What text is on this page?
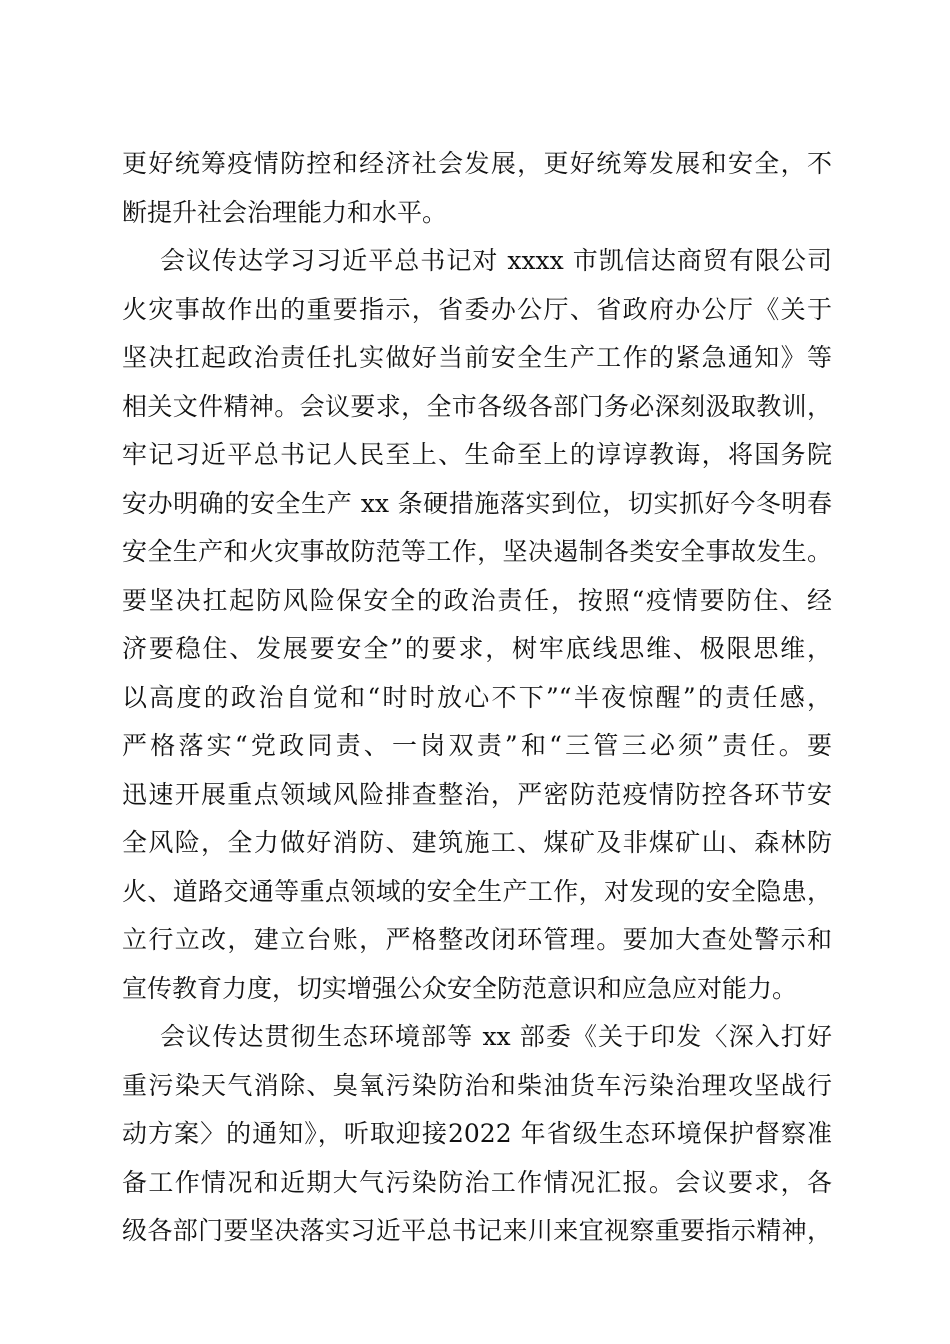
更好统筹疫情防控和经济社会发展，更好统筹发展和安全，不
断提升社会治理能力和水平。
会议传达学习习近平总书记对 xxxx 市凯信达商贸有限公司
火灾事故作出的重要指示，省委办公厅、省政府办公厅《关于
坚决扛起政治责任扎实做好当前安全生产工作的紧急通知》等
相关文件精神。会议要求，全市各级各部门务必深刻汲取教训，
牢记习近平总书记人民至上、生命至上的谆谆教诲，将国务院
安办明确的安全生产 xx 条硬措施落实到位，切实抓好今冬明春
安全生产和火灾事故防范等工作，坚决遏制各类安全事故发生。
要坚决扛起防风险保安全的政治责任，按照“疫情要防住、经
济要稳住、发展要安全”的要求，树牢底线思维、极限思维，
以高度的政治自觉和“时时放心不下”“半夜惊醒”的责任感，
严格落实“党政同责、一岗双责”和“三管三必须”责任。要
迅速开展重点领域风险排查整治，严密防范疫情防控各环节安
全风险，全力做好消防、建筑施工、煤矿及非煤矿山、森林防
火、道路交通等重点领域的安全生产工作，对发现的安全隐患，
立行立改，建立台账，严格整改闭环管理。要加大查处警示和
宣传教育力度，切实增强公众安全防范意识和应急应对能力。
会议传达贯彻生态环境部等 xx 部委《关于印发〈深入打好
重污染天气消除、臭氧污染防治和柴油货车污染治理攻坚战行
动方案〉的通知》，听取迎接2022 年省级生态环境保护督察准
备工作情况和近期大气污染防治工作情况汇报。会议要求，各
级各部门要坚决落实习近平总书记来川来宜视察重要指示精神，
